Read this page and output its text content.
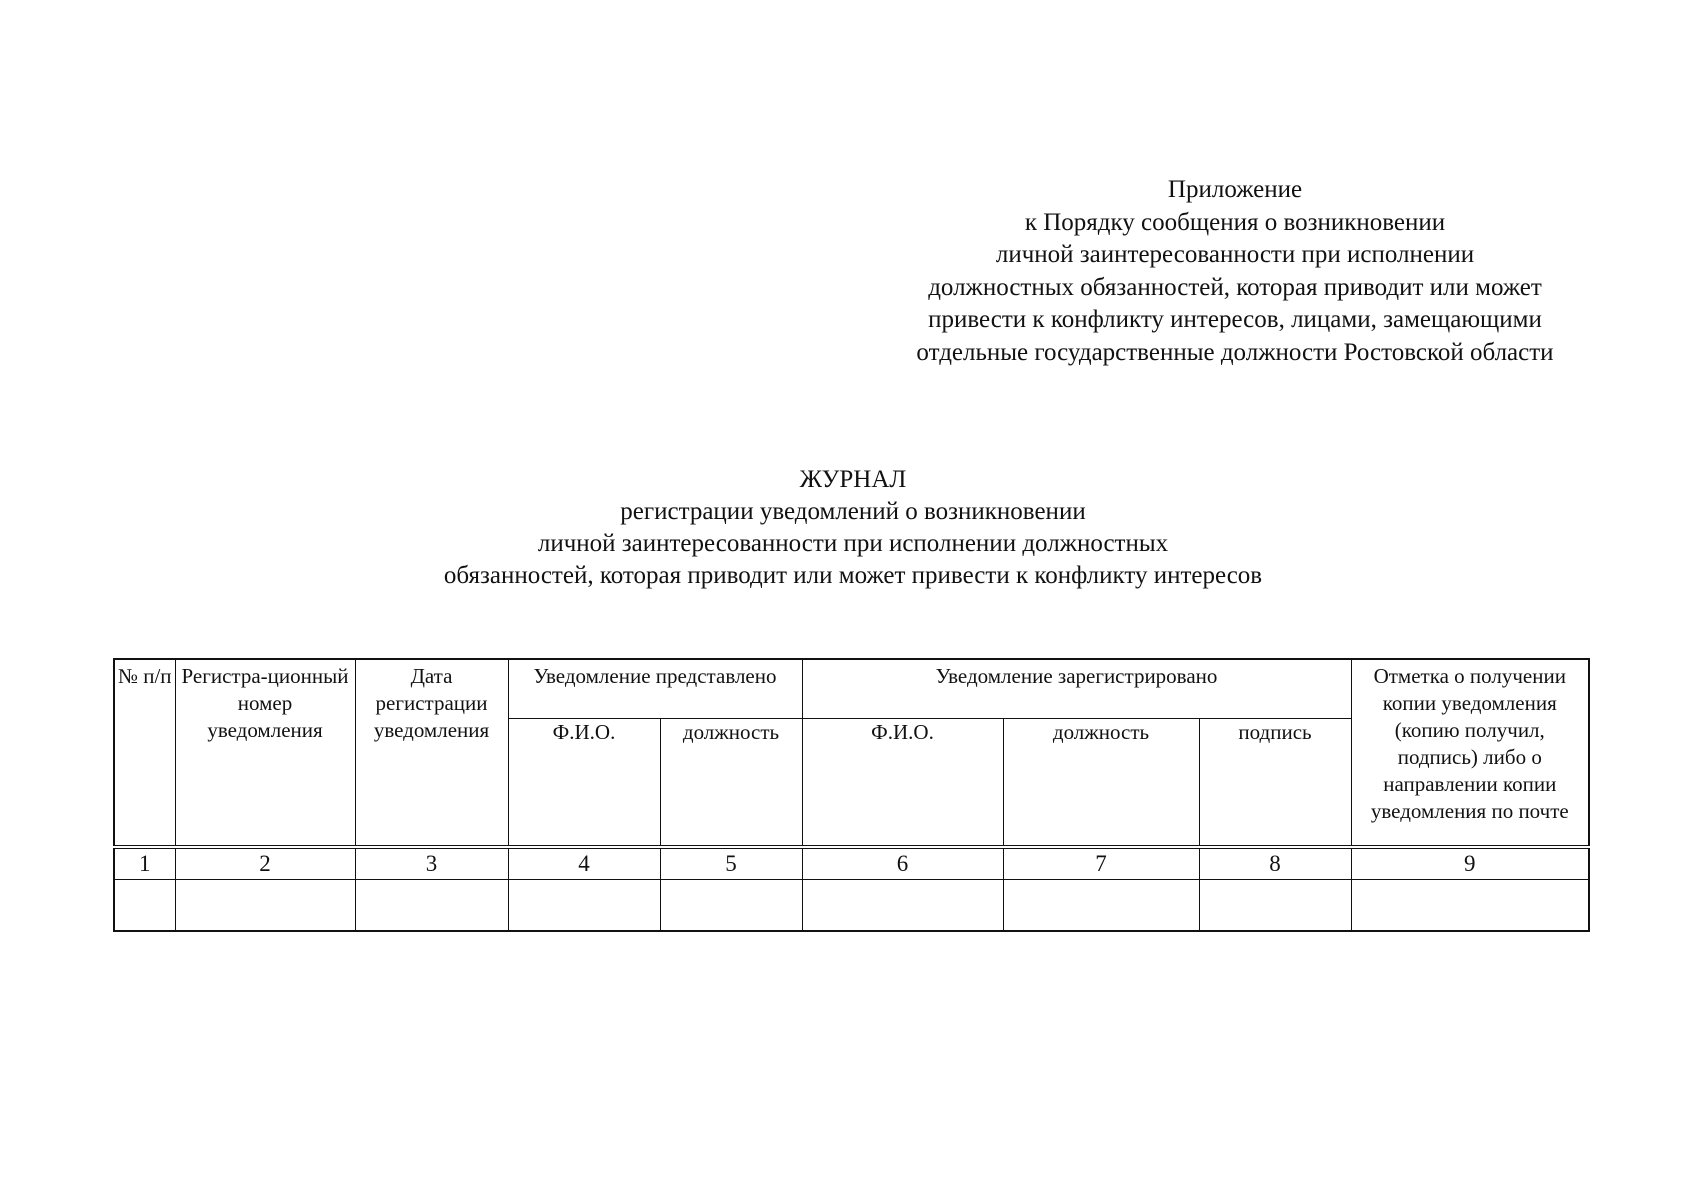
Приложение
к Порядку сообщения о возникновении
личной заинтересованности при исполнении
должностных обязанностей, которая приводит или может
привести к конфликту интересов, лицами, замещающими
отдельные государственные должности Ростовской области
ЖУРНАЛ
регистрации уведомлений о возникновении
личной заинтересованности при исполнении должностных
обязанностей, которая приводит или может привести к конфликту интересов
№ п/п	Регистра-ционный номер уведомления	Дата регистрации уведомления	Уведомление представлено		Уведомление зарегистрировано			Отметка о получении копии уведомления (копию получил, подпись) либо о направлении копии уведомления по почте
			Ф.И.О.	должность	Ф.И.О.	должность	подпись	
1	2	3	4	5	6	7	8	9
